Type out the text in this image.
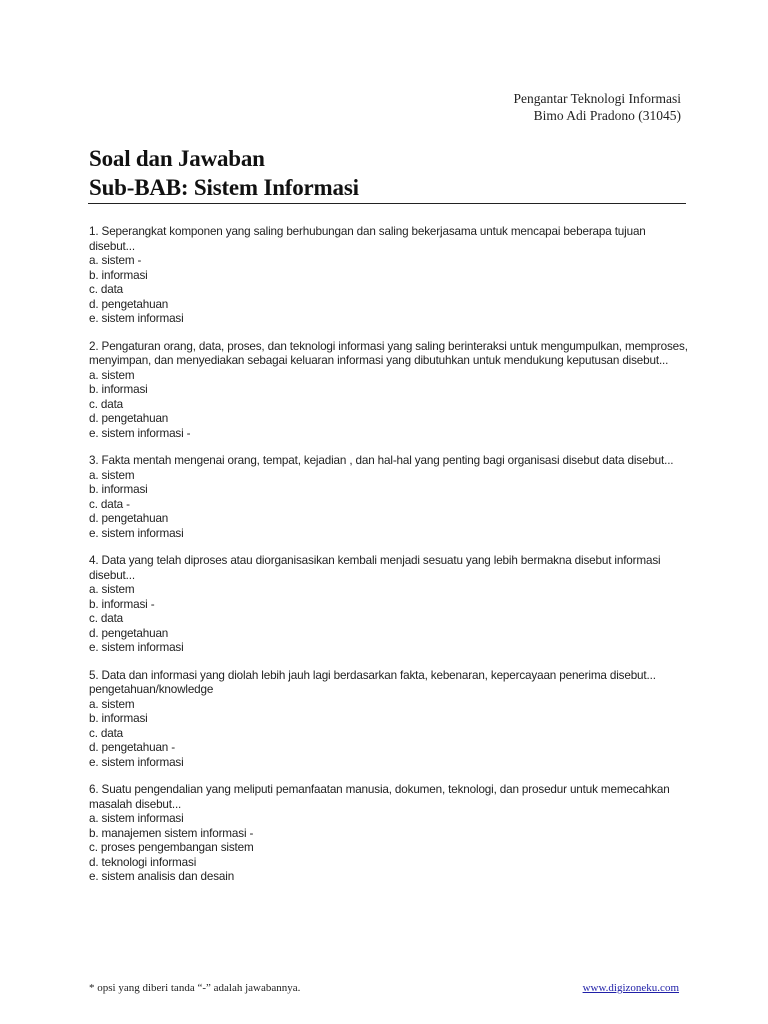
Pengantar Teknologi Informasi
Bimo Adi Pradono (31045)
Soal dan Jawaban
Sub-BAB: Sistem Informasi

1. Seperangkat komponen yang saling berhubungan dan saling bekerjasama untuk mencapai beberapa tujuan disebut...

a. sistem -

b. informasi

c. data

d. pengetahuan

e. sistem informasi

2. Pengaturan orang, data, proses, dan teknologi informasi yang saling berinteraksi untuk mengumpulkan, memproses, menyimpan, dan menyediakan sebagai keluaran informasi yang dibutuhkan untuk mendukung keputusan disebut...

a. sistem

b. informasi

c. data

d. pengetahuan

e. sistem informasi -

3. Fakta mentah mengenai orang, tempat, kejadian , dan hal-hal yang penting bagi organisasi disebut data disebut...

a. sistem

b. informasi

c. data -

d. pengetahuan

e. sistem informasi

4. Data yang telah diproses atau diorganisasikan kembali menjadi sesuatu yang lebih bermakna disebut informasi disebut...

a. sistem

b. informasi -

c. data

d. pengetahuan

e. sistem informasi

5. Data dan informasi yang diolah lebih jauh lagi berdasarkan fakta, kebenaran, kepercayaan penerima disebut... pengetahuan/knowledge

a. sistem

b. informasi

c. data

d. pengetahuan -

e. sistem informasi

6. Suatu pengendalian yang meliputi pemanfaatan manusia, dokumen, teknologi, dan prosedur untuk memecahkan masalah disebut...

a. sistem informasi

b. manajemen sistem informasi -

c. proses pengembangan sistem

d. teknologi informasi

e. sistem analisis dan desain

* opsi yang diberi tanda “-” adalah jawabannya.	www.digizoneku.com
